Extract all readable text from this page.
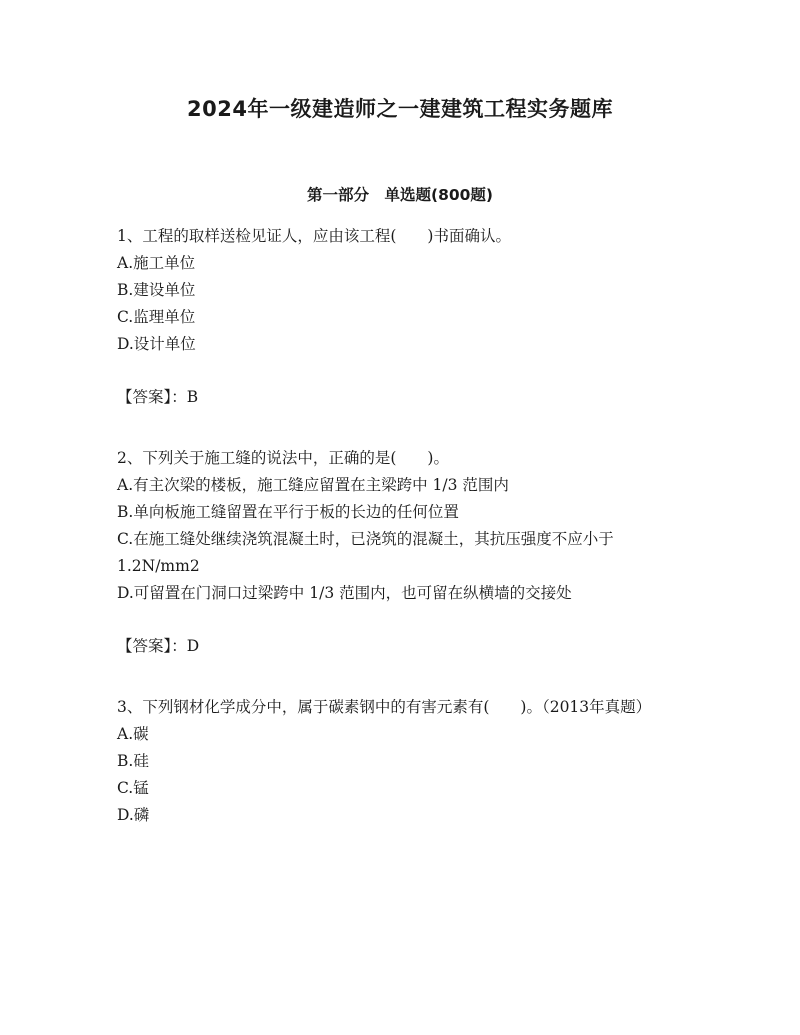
2024年一级建造师之一建建筑工程实务题库
第一部分　单选题(800题)
1、工程的取样送检见证人，应由该工程(　　)书面确认。
A.施工单位
B.建设单位
C.监理单位
D.设计单位
【答案】：B
2、下列关于施工缝的说法中，正确的是(　　)。
A.有主次梁的楼板，施工缝应留置在主梁跨中 1/3 范围内
B.单向板施工缝留置在平行于板的长边的任何位置
C.在施工缝处继续浇筑混凝土时，已浇筑的混凝土，其抗压强度不应小于 1.2N/mm2
D.可留置在门洞口过梁跨中 1/3 范围内，也可留在纵横墙的交接处
【答案】：D
3、下列钢材化学成分中，属于碳素钢中的有害元素有(　　)。（2013年真题）
A.碳
B.硅
C.锰
D.磷
